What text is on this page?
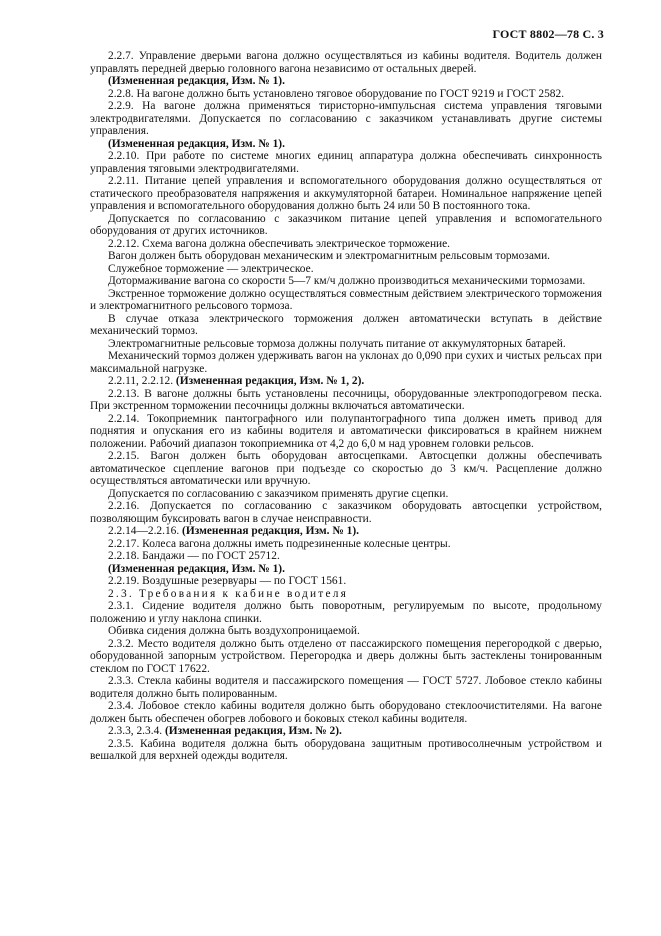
ГОСТ 8802—78 С. 3

2.2.7. Управление дверьми вагона должно осуществляться из кабины водителя. Водитель должен управлять передней дверью головного вагона независимо от остальных дверей.

(Измененная редакция, Изм. № 1).

2.2.8. На вагоне должно быть установлено тяговое оборудование по ГОСТ 9219 и ГОСТ 2582.

2.2.9. На вагоне должна применяться тиристорно-импульсная система управления тяговыми электродвигателями. Допускается по согласованию с заказчиком устанавливать другие системы управления.

(Измененная редакция, Изм. № 1).

2.2.10. При работе по системе многих единиц аппаратура должна обеспечивать синхронность управления тяговыми электродвигателями.

2.2.11. Питание цепей управления и вспомогательного оборудования должно осуществляться от статического преобразователя напряжения и аккумуляторной батареи. Номинальное напряжение цепей управления и вспомогательного оборудования должно быть 24 или 50 В постоянного тока.

Допускается по согласованию с заказчиком питание цепей управления и вспомогательного оборудования от других источников.

2.2.12. Схема вагона должна обеспечивать электрическое торможение.

Вагон должен быть оборудован механическим и электромагнитным рельсовым тормозами.

Служебное торможение — электрическое.

Дотормаживание вагона со скорости 5—7 км/ч должно производиться механическими тормозами.

Экстренное торможение должно осуществляться совместным действием электрического торможения и электромагнитного рельсового тормоза.

В случае отказа электрического торможения должен автоматически вступать в действие механический тормоз.

Электромагнитные рельсовые тормоза должны получать питание от аккумуляторных батарей.

Механический тормоз должен удерживать вагон на уклонах до 0,090 при сухих и чистых рельсах при максимальной нагрузке.

2.2.11, 2.2.12. (Измененная редакция, Изм. № 1, 2).

2.2.13. В вагоне должны быть установлены песочницы, оборудованные электроподогревом песка. При экстренном торможении песочницы должны включаться автоматически.

2.2.14. Токоприемник пантографного или полупантографного типа должен иметь привод для поднятия и опускания его из кабины водителя и автоматически фиксироваться в крайнем нижнем положении. Рабочий диапазон токоприемника от 4,2 до 6,0 м над уровнем головки рельсов.

2.2.15. Вагон должен быть оборудован автосцепками. Автосцепки должны обеспечивать автоматическое сцепление вагонов при подъезде со скоростью до 3 км/ч. Расцепление должно осуществляться автоматически или вручную.

Допускается по согласованию с заказчиком применять другие сцепки.

2.2.16. Допускается по согласованию с заказчиком оборудовать автосцепки устройством, позволяющим буксировать вагон в случае неисправности.

2.2.14—2.2.16. (Измененная редакция, Изм. № 1).

2.2.17. Колеса вагона должны иметь подрезиненные колесные центры.

2.2.18. Бандажи — по ГОСТ 25712.

(Измененная редакция, Изм. № 1).

2.2.19. Воздушные резервуары — по ГОСТ 1561.

2.3. Требования к кабине водителя

2.3.1. Сидение водителя должно быть поворотным, регулируемым по высоте, продольному положению и углу наклона спинки.

Обивка сидения должна быть воздухопроницаемой.

2.3.2. Место водителя должно быть отделено от пассажирского помещения перегородкой с дверью, оборудованной запорным устройством. Перегородка и дверь должны быть застеклены тонированным стеклом по ГОСТ 17622.

2.3.3. Стекла кабины водителя и пассажирского помещения — ГОСТ 5727. Лобовое стекло кабины водителя должно быть полированным.

2.3.4. Лобовое стекло кабины водителя должно быть оборудовано стеклоочистителями. На вагоне должен быть обеспечен обогрев лобового и боковых стекол кабины водителя.

2.3.3, 2.3.4. (Измененная редакция, Изм. № 2).

2.3.5. Кабина водителя должна быть оборудована защитным противосолнечным устройством и вешалкой для верхней одежды водителя.
